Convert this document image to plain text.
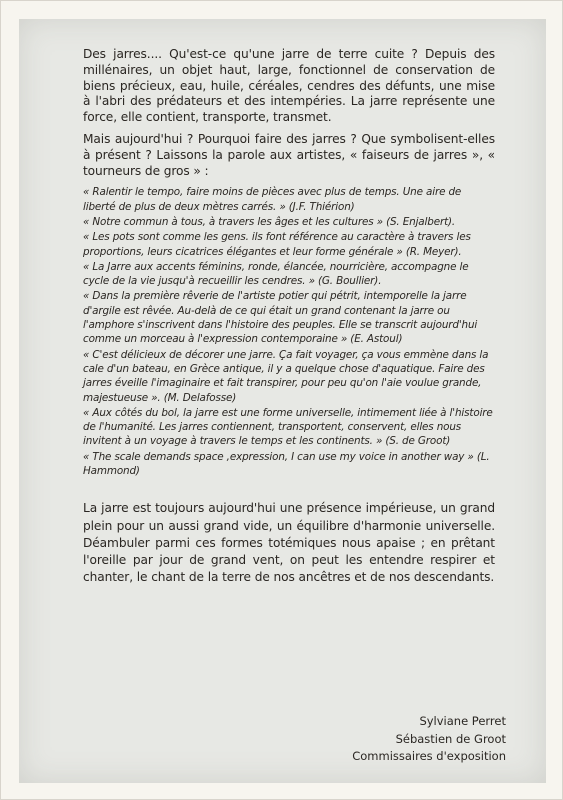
Des jarres.... Qu'est-ce qu'une jarre de terre cuite ? Depuis des millénaires, un objet haut, large, fonctionnel de conservation de biens précieux, eau, huile, céréales, cendres des défunts, une mise à l'abri des prédateurs et des intempéries. La jarre représente une force, elle contient, transporte, transmet.

Mais aujourd'hui ? Pourquoi faire des jarres ? Que symbolisent-elles à présent ? Laissons la parole aux artistes, « faiseurs de jarres », « tourneurs de gros » :

« Ralentir le tempo, faire moins de pièces avec plus de temps. Une aire de liberté de plus de deux mètres carrés. » (J.F. Thiérion)

« Notre commun à tous, à travers les âges et les cultures » (S. Enjalbert).

« Les pots sont comme les gens. ils font référence au caractère à travers les proportions, leurs cicatrices élégantes et leur forme générale » (R. Meyer).

« La Jarre aux accents féminins, ronde, élancée, nourricière, accompagne le cycle de la vie jusqu'à recueillir les cendres. » (G. Boullier).

« Dans la première rêverie de l'artiste potier qui pétrit, intemporelle la jarre d'argile est rêvée. Au-delà de ce qui était un grand contenant la jarre ou l'amphore s'inscrivent dans l'histoire des peuples. Elle se transcrit aujourd'hui comme un morceau à l'expression contemporaine » (E. Astoul)

« C'est délicieux de décorer une jarre. Ça fait voyager, ça vous emmène dans la cale d'un bateau, en Grèce antique, il y a quelque chose d'aquatique. Faire des jarres éveille l'imaginaire et fait transpirer, pour peu qu'on l'aie voulue grande, majestueuse ». (M. Delafosse)

« Aux côtés du bol, la jarre est une forme universelle, intimement liée à l'histoire de l'humanité. Les jarres contiennent, transportent, conservent, elles nous invitent à un voyage à travers le temps et les continents. » (S. de Groot)

« The scale demands space ,expression, I can use my voice in another way » (L. Hammond)

La jarre est toujours aujourd'hui une présence impérieuse, un grand plein pour un aussi grand vide, un équilibre d'harmonie universelle. Déambuler parmi ces formes totémiques nous apaise ; en prêtant l'oreille par jour de grand vent, on peut les entendre respirer et chanter, le chant de la terre de nos ancêtres et de nos descendants.

Sylviane Perret
Sébastien de Groot
Commissaires d'exposition
